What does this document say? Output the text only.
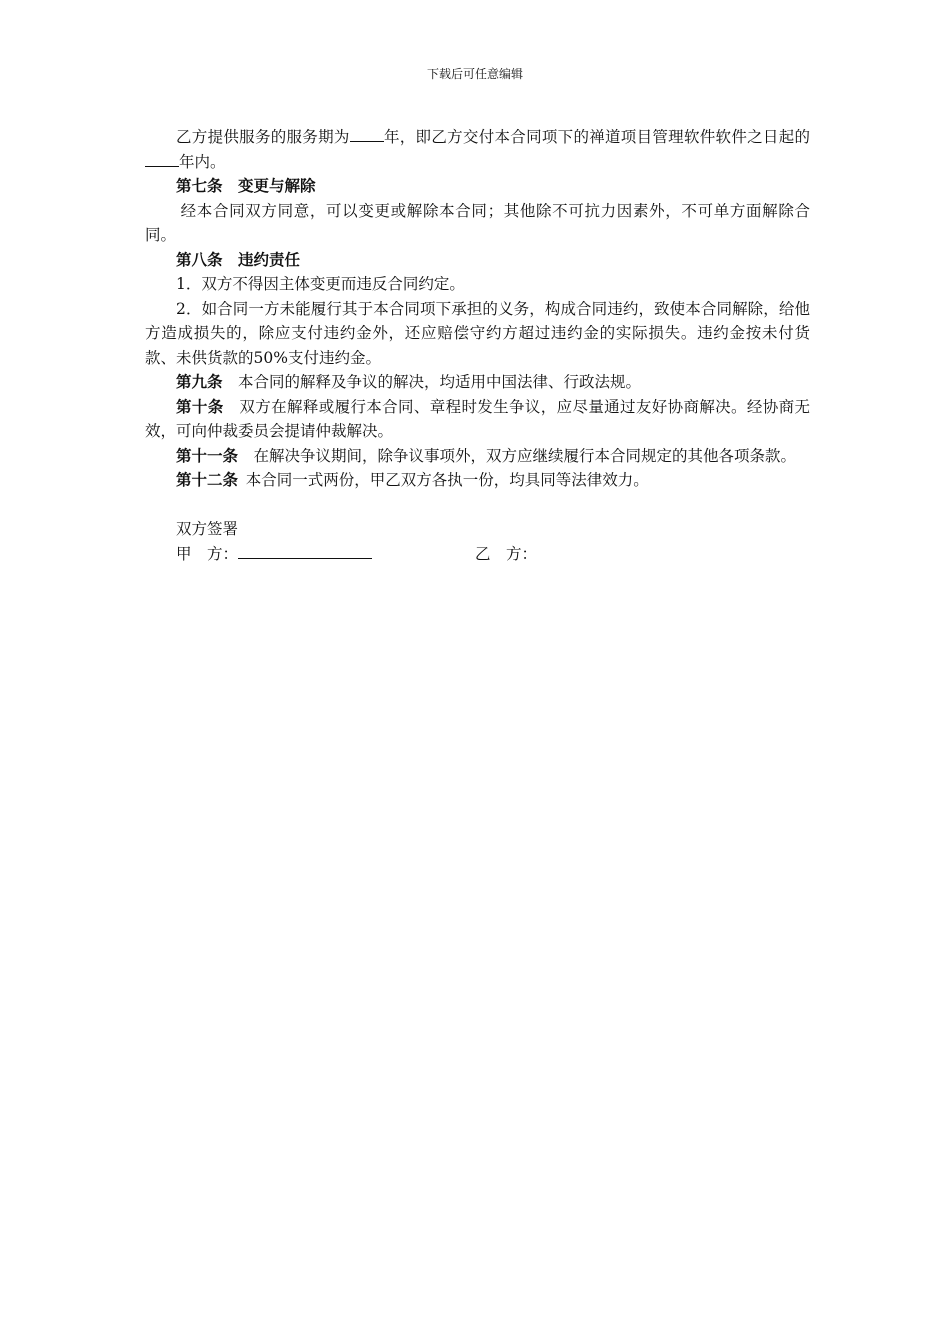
下载后可任意编辑

乙方提供服务的服务期为 年，即乙方交付本合同项下的禅道项目管理软件软件之日起的年内。

第七条 变更与解除

经本合同双方同意，可以变更或解除本合同；其他除不可抗力因素外，不可单方面解除合同。

第八条 违约责任

1．双方不得因主体变更而违反合同约定。

2．如合同一方未能履行其于本合同项下承担的义务，构成合同违约，致使本合同解除，给他方造成损失的，除应支付违约金外，还应赔偿守约方超过违约金的实际损失。违约金按未付货款、未供货款的50%支付违约金。

第九条 本合同的解释及争议的解决，均适用中国法律、行政法规。

第十条 双方在解释或履行本合同、章程时发生争议，应尽量通过友好协商解决。经协商无效，可向仲裁委员会提请仲裁解决。

第十一条 在解决争议期间，除争议事项外，双方应继续履行本合同规定的其他各项条款。

第十二条 本合同一式两份，甲乙双方各执一份，均具同等法律效力。

双方签署

甲　方：	乙　方：
